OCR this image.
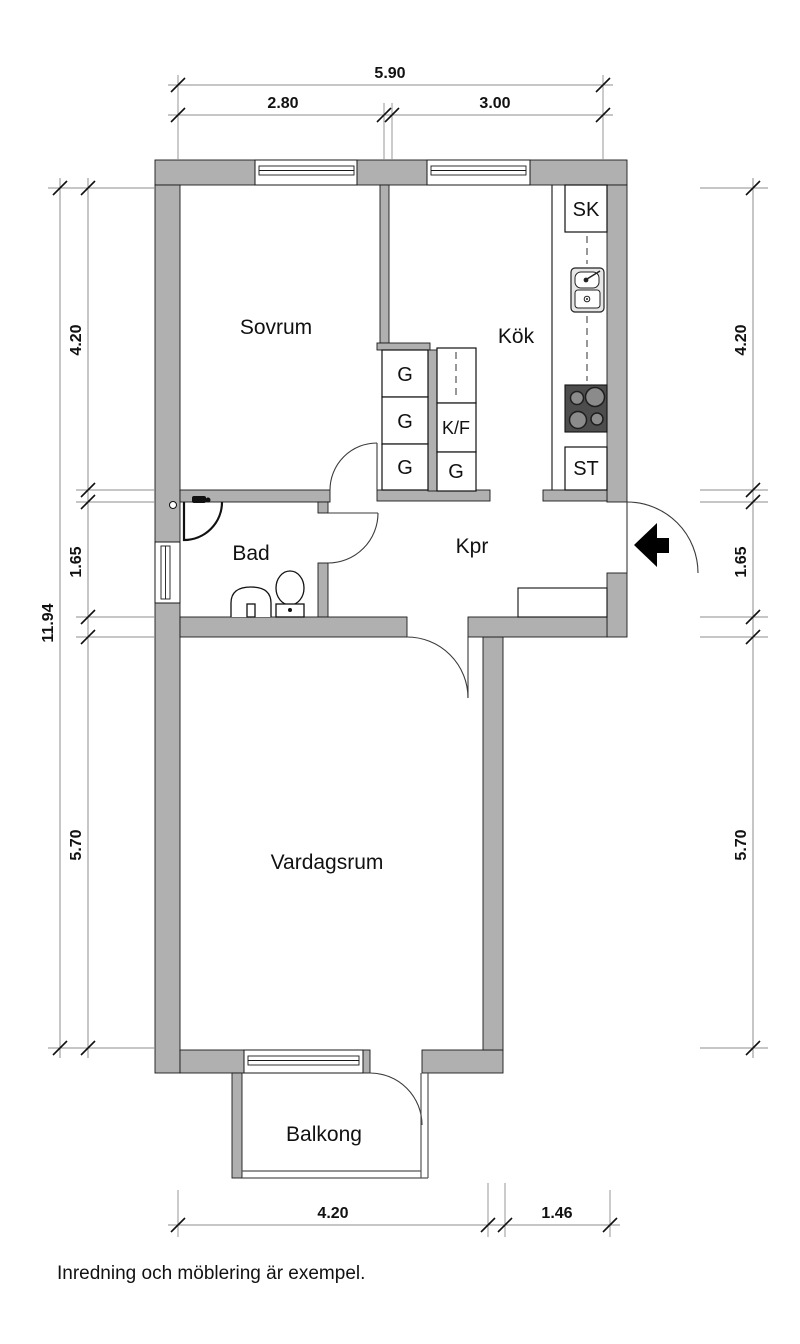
SK
ST
K/F
G
G
G G
Sovrum	Kök
Bad	Kpr
Vardagsrum
Balkong
5.90
2.80	3.00
11.94
4.20
1.65
5.70
4.20
1.65
5.70
4.20	1.46
Inredning och möblering är exempel.
